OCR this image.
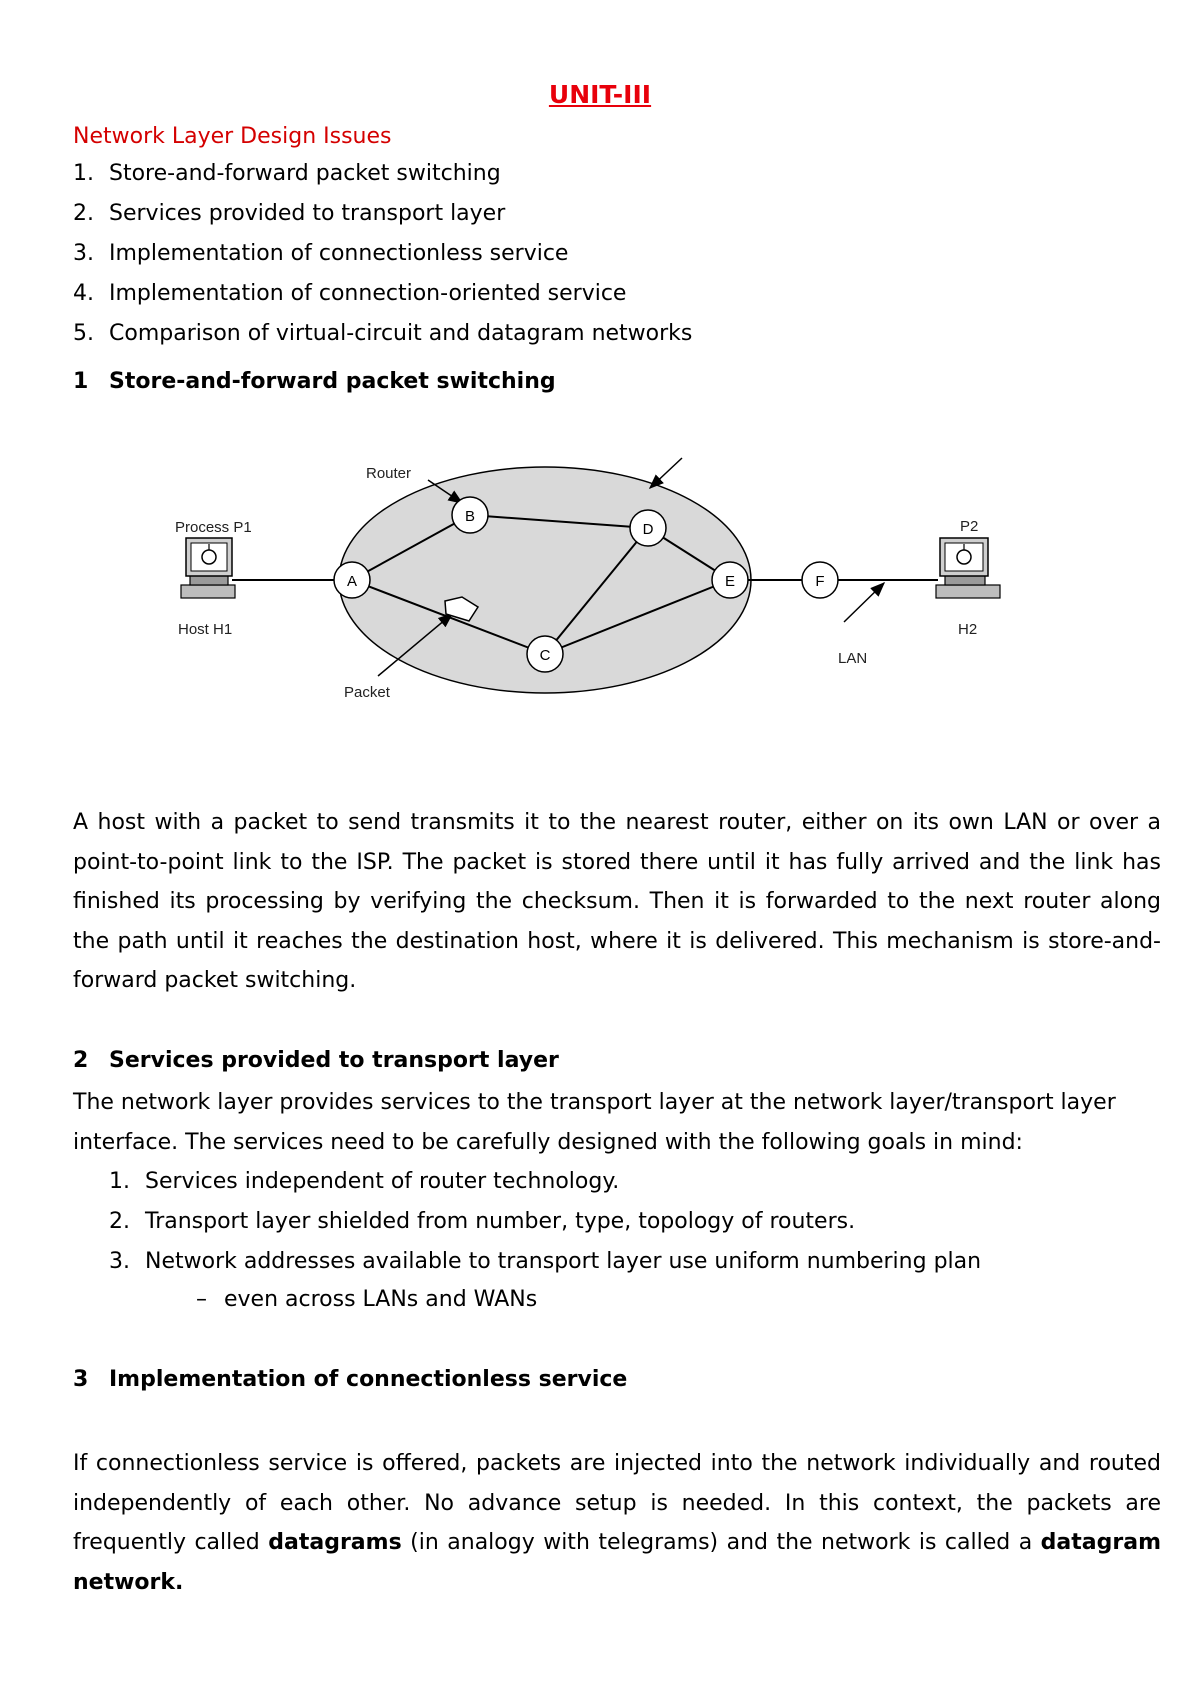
UNIT-III
Network Layer Design Issues
1. Store-and-forward packet switching
2. Services provided to transport layer
3. Implementation of connectionless service
4. Implementation of connection-oriented service
5. Comparison of virtual-circuit and datagram networks
1 Store-and-forward packet switching
A
B
C
D
E	F
Router
Process P1
Host H1
P2
H2
LAN
Packet

A host with a packet to send transmits it to the nearest router, either on its own LAN or over a point-to-point link to the ISP. The packet is stored there until it has fully arrived and the link has finished its processing by verifying the checksum. Then it is forwarded to the next router along the path until it reaches the destination host, where it is delivered. This mechanism is store-and-forward packet switching.

2 Services provided to transport layer

The network layer provides services to the transport layer at the network layer/transport layer interface. The services need to be carefully designed with the following goals in mind:

1. Services independent of router technology.
2. Transport layer shielded from number, type, topology of routers.
3. Network addresses available to transport layer use uniform numbering plan
– even across LANs and WANs
3 Implementation of connectionless service

If connectionless service is offered, packets are injected into the network individually and routed independently of each other. No advance setup is needed. In this context, the packets are frequently called datagrams (in analogy with telegrams) and the network is called a datagram network.
